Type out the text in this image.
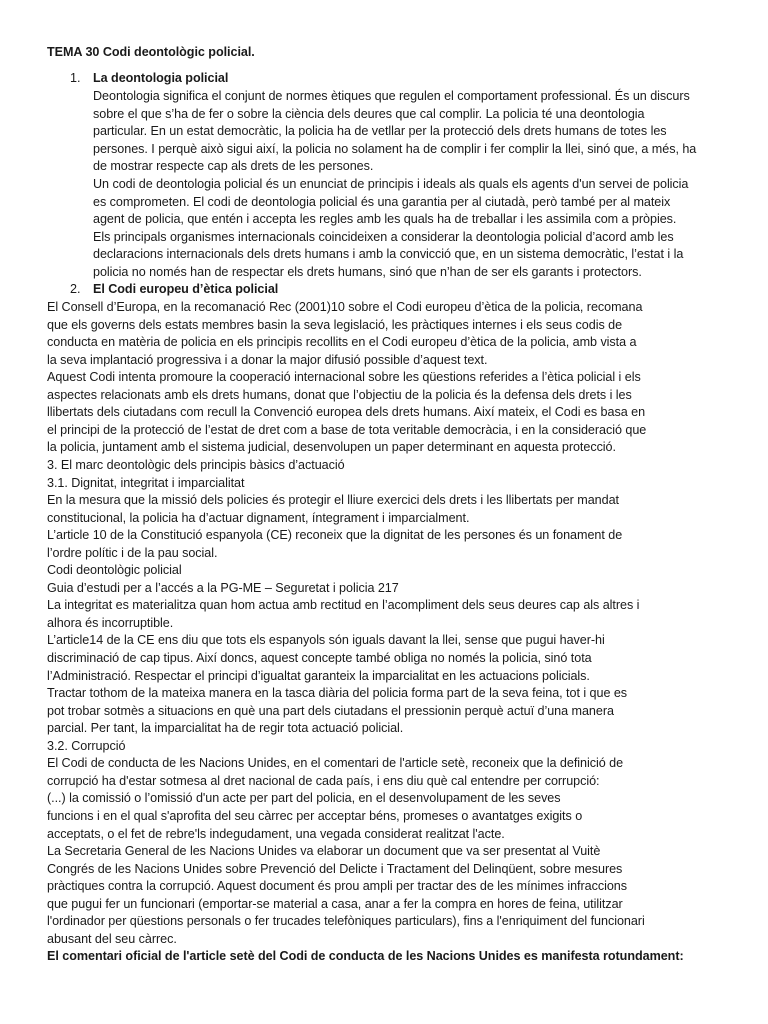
TEMA 30 Codi deontològic policial.
1. La deontologia policial
Deontologia significa el conjunt de normes ètiques que regulen el comportament professional. És un discurs
sobre el que s’ha de fer o sobre la ciència dels deures que cal complir. La policia té una deontologia
particular. En un estat democràtic, la policia ha de vetllar per la protecció dels drets humans de totes les
persones. I perquè això sigui així, la policia no solament ha de complir i fer complir la llei, sinó que, a més, ha
de mostrar respecte cap als drets de les persones.
Un codi de deontologia policial és un enunciat de principis i ideals als quals els agents d'un servei de policia
es comprometen. El codi de deontologia policial és una garantia per al ciutadà, però també per al mateix
agent de policia, que entén i accepta les regles amb les quals ha de treballar i les assimila com a pròpies.
Els principals organismes internacionals coincideixen a considerar la deontologia policial d’acord amb les
declaracions internacionals dels drets humans i amb la convicció que, en un sistema democràtic, l’estat i la
policia no només han de respectar els drets humans, sinó que n’han de ser els garants i protectors.
2. El Codi europeu d’ètica policial
El Consell d’Europa, en la recomanació Rec (2001)10 sobre el Codi europeu d’ètica de la policia, recomana
que els governs dels estats membres basin la seva legislació, les pràctiques internes i els seus codis de
conducta en matèria de policia en els principis recollits en el Codi europeu d’ètica de la policia, amb vista a
la seva implantació progressiva i a donar la major difusió possible d’aquest text.
Aquest Codi intenta promoure la cooperació internacional sobre les qüestions referides a l’ètica policial i els
aspectes relacionats amb els drets humans, donat que l’objectiu de la policia és la defensa dels drets i les
llibertats dels ciutadans com recull la Convenció europea dels drets humans. Així mateix, el Codi es basa en
el principi de la protecció de l’estat de dret com a base de tota veritable democràcia, i en la consideració que
la policia, juntament amb el sistema judicial, desenvolupen un paper determinant en aquesta protecció.
3. El marc deontològic dels principis bàsics d’actuació
3.1. Dignitat, integritat i imparcialitat
En la mesura que la missió dels policies és protegir el lliure exercici dels drets i les llibertats per mandat
constitucional, la policia ha d’actuar dignament, íntegrament i imparcialment.
L’article 10 de la Constitució espanyola (CE) reconeix que la dignitat de les persones és un fonament de
l’ordre polític i de la pau social.
Codi deontològic policial
Guia d’estudi per a l’accés a la PG-ME – Seguretat i policia 217
La integritat es materialitza quan hom actua amb rectitud en l’acompliment dels seus deures cap als altres i
alhora és incorruptible.
L’article14 de la CE ens diu que tots els espanyols són iguals davant la llei, sense que pugui haver-hi
discriminació de cap tipus. Així doncs, aquest concepte també obliga no només la policia, sinó tota
l’Administració. Respectar el principi d’igualtat garanteix la imparcialitat en les actuacions policials.
Tractar tothom de la mateixa manera en la tasca diària del policia forma part de la seva feina, tot i que es
pot trobar sotmès a situacions en què una part dels ciutadans el pressionin perquè actuï d’una manera
parcial. Per tant, la imparcialitat ha de regir tota actuació policial.
3.2. Corrupció
El Codi de conducta de les Nacions Unides, en el comentari de l'article setè, reconeix que la definició de
corrupció ha d'estar sotmesa al dret nacional de cada país, i ens diu què cal entendre per corrupció:
(...) la comissió o l’omissió d'un acte per part del policia, en el desenvolupament de les seves
funcions i en el qual s'aprofita del seu càrrec per acceptar béns, promeses o avantatges exigits o
acceptats, o el fet de rebre'ls indegudament, una vegada considerat realitzat l'acte.
La Secretaria General de les Nacions Unides va elaborar un document que va ser presentat al Vuitè
Congrés de les Nacions Unides sobre Prevenció del Delicte i Tractament del Delinqüent, sobre mesures
pràctiques contra la corrupció. Aquest document és prou ampli per tractar des de les mínimes infraccions
que pugui fer un funcionari (emportar-se material a casa, anar a fer la compra en hores de feina, utilitzar
l'ordinador per qüestions personals o fer trucades telefòniques particulars), fins a l'enriquiment del funcionari
abusant del seu càrrec.
El comentari oficial de l'article setè del Codi de conducta de les Nacions Unides es manifesta rotundament:
